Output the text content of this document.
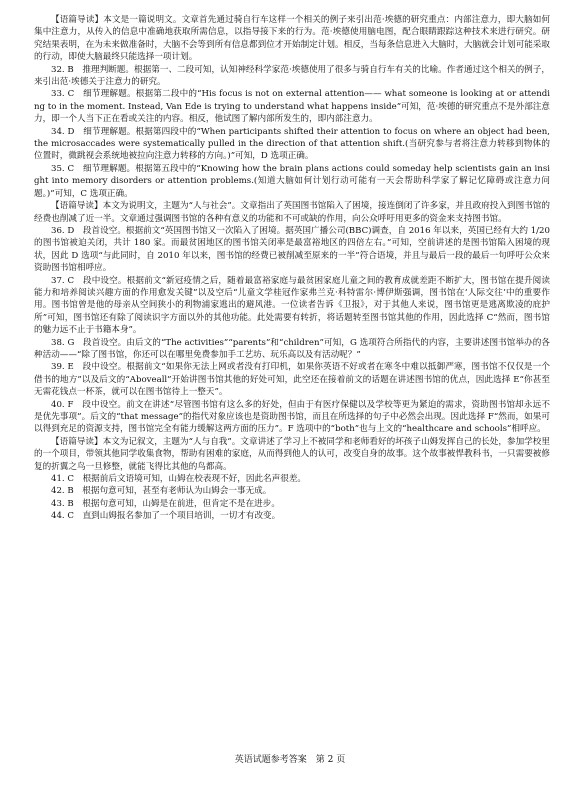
【语篇导读】本文是一篇说明文。文章首先通过骑自行车这样一个相关的例子来引出范·埃德的研究重点：内部注意力，即大脑如何集中注意力，从传入的信息中准确地获取所需信息，以指导接下来的行为。范·埃德使用脑电图，配合眼睛跟踪这种技术来进行研究。研究结果表明，在为未来做准备时，大脑不会等到所有信息都到位才开始制定计划。相反，当每条信息进入大脑时，大脑就会计划可能采取的行动，即使大脑最终只能选择一项计划。

32. B　推理判断题。根据第一、二段可知，认知神经科学家范·埃德使用了很多与骑自行车有关的比喻。作者通过这个相关的例子，来引出范·埃德关于注意力的研究。

33. C　细节理解题。根据第二段中的“His focus is not on external attention—— what someone is looking at or attending to in the moment. Instead, Van Ede is trying to understand what happens inside”可知，范·埃德的研究重点不是外部注意力，即一个人当下正在看或关注的内容。相反，他试图了解内部所发生的，即内部注意力。

34. D　细节理解题。根据第四段中的“When participants shifted their attention to focus on where an object had been, the microsaccades were systematically pulled in the direction of that attention shift.(当研究参与者将注意力转移到物体的位置时，微跳视会系统地被拉向注意力转移的方向。)”可知，D 选项正确。

35. C　细节理解题。根据第五段中的“Knowing how the brain plans actions could someday help scientists gain an insight into memory disorders or attention problems.(知道大脑如何计划行动可能有一天会帮助科学家了解记忆障碍或注意力问题。)”可知，C 选项正确。

【语篇导读】本文为说明文，主题为“人与社会”。文章指出了英国图书馆陷入了困境，接连倒闭了许多家，并且政府投入到图书馆的经费也削减了近一半。文章通过强调图书馆的各种有意义的功能和不可或缺的作用，向公众呼吁用更多的资金来支持图书馆。

36. D　段首设空。根据前文“英国图书馆又一次陷入了困境。据英国广播公司(BBC)调查，自 2016 年以来，英国已经有大约 1/20 的图书馆被迫关闭，共计 180 家。而最贫困地区的图书馆关闭率是最富裕地区的四倍左右。”可知，空前讲述的是图书馆陷入困境的现状，因此 D 选项“与此同时，自 2010 年以来，图书馆的经费已被削减至原来的一半”符合语境，并且与最后一段的最后一句呼吁公众来资助图书馆相呼应。

37. C　段中设空。根据前文“新冠疫情之后，随着最富裕家庭与最贫困家庭儿童之间的教育成就差距不断扩大，图书馆在提升阅读能力和培养阅读兴趣方面的作用愈发关键”以及空后“儿童文学桂冠作家弗兰克·科特雷尔·博伊斯强调，图书馆在‘人际交往’中的重要作用。图书馆曾是他的母亲从空间狭小的利物浦家逃出的避风港。一位读者告诉《卫报》，对于其他人来说，图书馆更是逃离欺凌的庇护所”可知，图书馆还有除了阅读识字方面以外的其他功能。此处需要有转折，将话题转至图书馆其他的作用，因此选择 C“然而，图书馆的魅力远不止于书籍本身”。

38. G　段首设空。由后文的“The activities”“parents”和“children”可知，G 选项符合所指代的内容，主要讲述图书馆举办的各种活动——“除了图书馆，你还可以在哪里免费参加手工艺坊、玩乐高以及有活动呢？”

39. E　段中设空。根据前文“如果你无法上网或者没有打印机，如果你英语不好或者在寒冬中难以抵御严寒，图书馆不仅仅是一个借书的地方”以及后文的“Aboveall”开始讲图书馆其他的好处可知，此空还在接着前文的话题在讲述图书馆的优点，因此选择 E“你甚至无需花钱点一杯茶，就可以在图书馆待上一整天”。

40. F　段中设空。前文在讲述“尽管图书馆有这么多的好处，但由于有医疗保健以及学校等更为紧迫的需求，资助图书馆却永远不是优先事项”。后文的“that message”的指代对象应该也是资助图书馆，而且在所选择的句子中必然会出现。因此选择 F“然而，如果可以得到充足的资源支持，图书馆完全有能力缓解这两方面的压力”。F 选项中的“both”也与上文的“healthcare and schools”相呼应。

【语篇导读】本文为记叙文，主题为“人与自我”。文章讲述了学习上不被同学和老师看好的坏孩子山姆发挥自己的长处，参加学校里的一个项目，带领其他同学收集食物，帮助有困难的家庭，从而得到他人的认可，改变自身的故事。这个故事被悍教科书，一只需要被修复的折翼之鸟一旦修整，就能飞得比其他的鸟都高。

41. C　根据前后文语境可知，山姆在校表现不好，因此名声很差。

42. B　根据句意可知，甚至有老师认为山姆会一事无成。

43. B　根据句意可知，山姆是在前进，但肯定不是在进步。

44. C　直到山姆报名参加了一个项目培训，一切才有改变。

英语试题参考答案　第 2 页
